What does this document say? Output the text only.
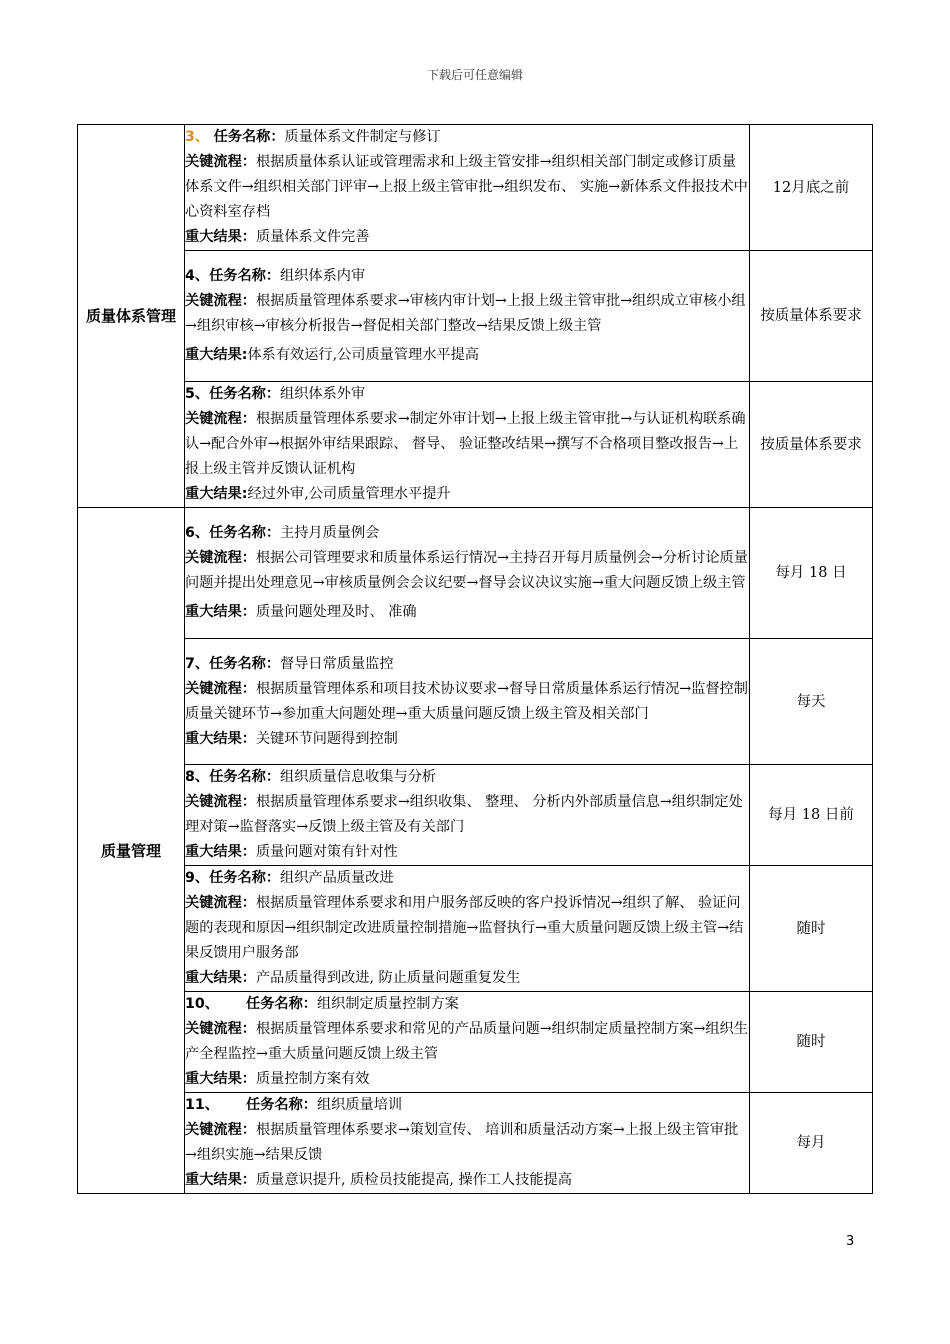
下载后可任意编辑
质量体系管理	3、 任务名称：质量体系文件制定与修订
关键流程：根据质量体系认证或管理需求和上级主管安排→组织相关部门制定或修订质量体系文件→组织相关部门评审→上报上级主管审批→组织发布、 实施→新体系文件报技术中心资料室存档
重大结果：质量体系文件完善	12月底之前

	4、任务名称：组织体系内审
关键流程：根据质量管理体系要求→审核内审计划→上报上级主管审批→组织成立审核小组→组织审核→审核分析报告→督促相关部门整改→结果反馈上级主管
重大结果:体系有效运行,公司质量管理水平提高	按质量体系要求

	5、任务名称：组织体系外审
关键流程：根据质量管理体系要求→制定外审计划→上报上级主管审批→与认证机构联系确认→配合外审→根据外审结果跟踪、 督导、 验证整改结果→撰写不合格项目整改报告→上报上级主管并反馈认证机构
重大结果:经过外审,公司质量管理水平提升	按质量体系要求
质量管理	6、任务名称：主持月质量例会
关键流程：根据公司管理要求和质量体系运行情况→主持召开每月质量例会→分析讨论质量问题并提出处理意见→审核质量例会会议纪要→督导会议决议实施→重大问题反馈上级主管
重大结果：质量问题处理及时、 准确	每月 18 日

	7、任务名称：督导日常质量监控
关键流程：根据质量管理体系和项目技术协议要求→督导日常质量体系运行情况→监督控制质量关键环节→参加重大问题处理→重大质量问题反馈上级主管及相关部门
重大结果：关键环节问题得到控制	每天

	8、任务名称：组织质量信息收集与分析
关键流程：根据质量管理体系要求→组织收集、 整理、 分析内外部质量信息→组织制定处理对策→监督落实→反馈上级主管及有关部门
重大结果：质量问题对策有针对性	每月 18 日前

	9、任务名称：组织产品质量改进
关键流程：根据质量管理体系要求和用户服务部反映的客户投诉情况→组织了解、 验证问题的表现和原因→组织制定改进质量控制措施→监督执行→重大质量问题反馈上级主管→结果反馈用户服务部
重大结果：产品质量得到改进, 防止质量问题重复发生	随时

	10、 任务名称：组织制定质量控制方案
关键流程：根据质量管理体系要求和常见的产品质量问题→组织制定质量控制方案→组织生产全程监控→重大质量问题反馈上级主管
重大结果：质量控制方案有效	随时

	11、 任务名称：组织质量培训
关键流程：根据质量管理体系要求→策划宣传、 培训和质量活动方案→上报上级主管审批→组织实施→结果反馈
重大结果：质量意识提升, 质检员技能提高, 操作工人技能提高	每月
3
